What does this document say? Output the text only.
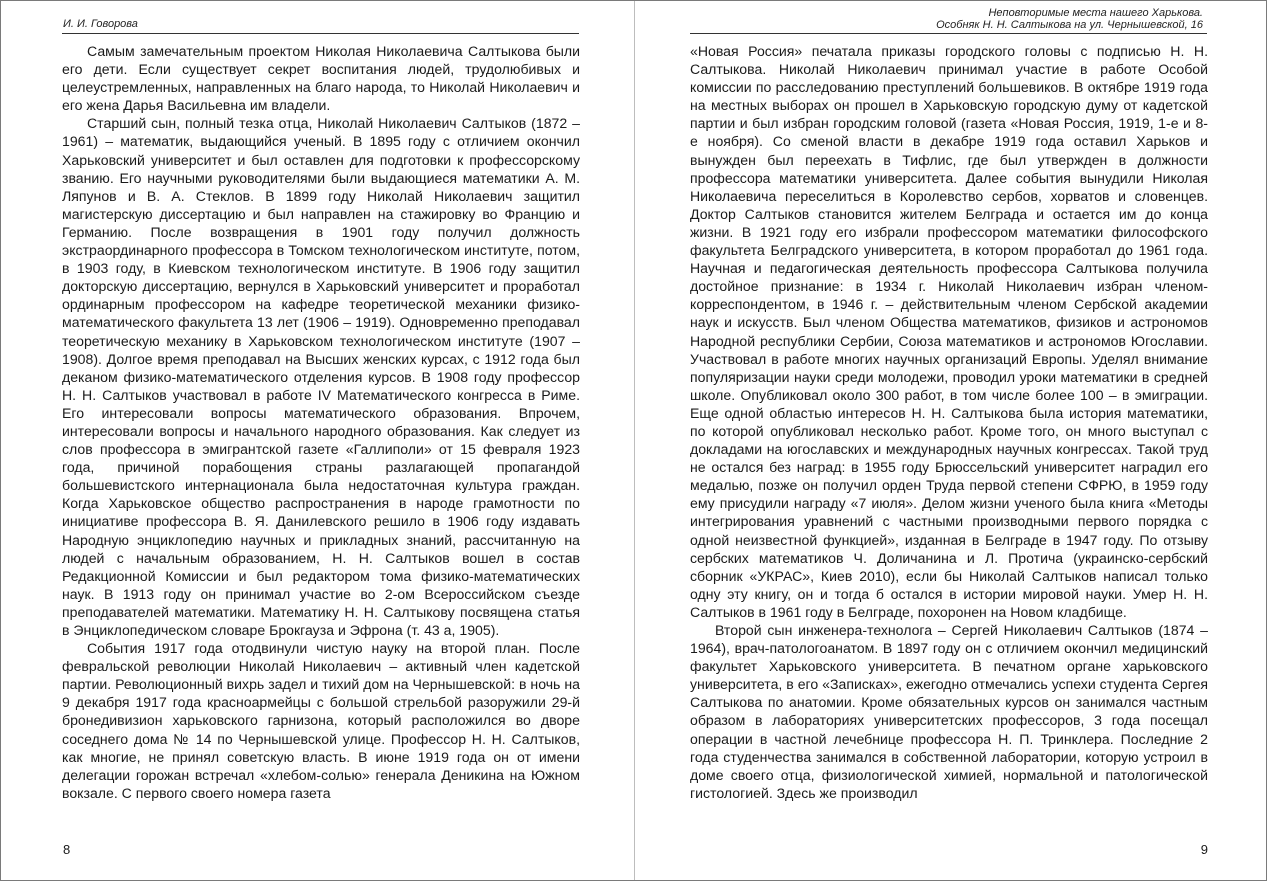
И. И. Говорова

Самым замечательным проектом Николая Николаевича Салтыкова были его дети. Если существует секрет воспитания людей, трудолюбивых и целеустремленных, направленных на благо народа, то Николай Николаевич и его жена Дарья Васильевна им владели.

Старший сын, полный тезка отца, Николай Николаевич Салтыков (1872 – 1961) – математик, выдающийся ученый. В 1895 году с отличием окончил Харьковский университет и был оставлен для подготовки к профессорскому званию. Его научными руководителями были выдающиеся математики А. М. Ляпунов и В. А. Стеклов. В 1899 году Николай Николаевич защитил магистерскую диссертацию и был направлен на стажировку во Францию и Германию. После возвращения в 1901 году получил должность экстраординарного профессора в Томском технологическом институте, потом, в 1903 году, в Киевском технологическом институте. В 1906 году защитил докторскую диссертацию, вернулся в Харьковский университет и проработал ординарным профессором на кафедре теоретической механики физико-математического факультета 13 лет (1906 – 1919). Одновременно преподавал теоретическую механику в Харьковском технологическом институте (1907 – 1908). Долгое время преподавал на Высших женских курсах, с 1912 года был деканом физико-математического отделения курсов. В 1908 году профессор Н. Н. Салтыков участвовал в работе IV Математического конгресса в Риме. Его интересовали вопросы математического образования. Впрочем, интересовали вопросы и начального народного образования. Как следует из слов профессора в эмигрантской газете «Галлиполи» от 15 февраля 1923 года, причиной порабощения страны разлагающей пропагандой большевистского интернационала была недостаточная культура граждан. Когда Харьковское общество распространения в народе грамотности по инициативе профессора В. Я. Данилевского решило в 1906 году издавать Народную энциклопедию научных и прикладных знаний, рассчитанную на людей с начальным образованием, Н. Н. Салтыков вошел в состав Редакционной Комиссии и был редактором тома физико-математических наук. В 1913 году он принимал участие во 2-ом Всероссийском съезде преподавателей математики. Математику Н. Н. Салтыкову посвящена статья в Энциклопедическом словаре Брокгауза и Эфрона (т. 43 а, 1905).

События 1917 года отодвинули чистую науку на второй план. После февральской революции Николай Николаевич – активный член кадетской партии. Революционный вихрь задел и тихий дом на Чернышевской: в ночь на 9 декабря 1917 года красноармейцы с большой стрельбой разоружили 29-й бронедивизион харьковского гарнизона, который расположился во дворе соседнего дома № 14 по Чернышевской улице. Профессор Н. Н. Салтыков, как многие, не принял советскую власть. В июне 1919 года он от имени делегации горожан встречал «хлебом-солью» генерала Деникина на Южном вокзале. С первого своего номера газета

8
Неповторимые места нашего Харькова.
Особняк Н. Н. Салтыкова на ул. Чернышевской, 16

«Новая Россия» печатала приказы городского головы с подписью Н. Н. Салтыкова. Николай Николаевич принимал участие в работе Особой комиссии по расследованию преступлений большевиков. В октябре 1919 года на местных выборах он прошел в Харьковскую городскую думу от кадетской партии и был избран городским головой (газета «Новая Россия, 1919, 1-е и 8-е ноября). Со сменой власти в декабре 1919 года оставил Харьков и вынужден был переехать в Тифлис, где был утвержден в должности профессора математики университета. Далее события вынудили Николая Николаевича переселиться в Королевство сербов, хорватов и словенцев. Доктор Салтыков становится жителем Белграда и остается им до конца жизни. В 1921 году его избрали профессором математики философского факультета Белградского университета, в котором проработал до 1961 года. Научная и педагогическая деятельность профессора Салтыкова получила достойное признание: в 1934 г. Николай Николаевич избран членом-корреспондентом, в 1946 г. – действительным членом Сербской академии наук и искусств. Был членом Общества математиков, физиков и астрономов Народной республики Сербии, Союза математиков и астрономов Югославии. Участвовал в работе многих научных организаций Европы. Уделял внимание популяризации науки среди молодежи, проводил уроки математики в средней школе. Опубликовал около 300 работ, в том числе более 100 – в эмиграции. Еще одной областью интересов Н. Н. Салтыкова была история математики, по которой опубликовал несколько работ. Кроме того, он много выступал с докладами на югославских и международных научных конгрессах. Такой труд не остался без наград: в 1955 году Брюссельский университет наградил его медалью, позже он получил орден Труда первой степени СФРЮ, в 1959 году ему присудили награду «7 июля». Делом жизни ученого была книга «Методы интегрирования уравнений с частными производными первого порядка с одной неизвестной функцией», изданная в Белграде в 1947 году. По отзыву сербских математиков Ч. Доличанина и Л. Протича (украинско-сербский сборник «УКРАС», Киев 2010), если бы Николай Салтыков написал только одну эту книгу, он и тогда б остался в истории мировой науки. Умер Н. Н. Салтыков в 1961 году в Белграде, похоронен на Новом кладбище.

Второй сын инженера-технолога – Сергей Николаевич Салтыков (1874 – 1964), врач-патологоанатом. В 1897 году он с отличием окончил медицинский факультет Харьковского университета. В печатном органе харьковского университета, в его «Записках», ежегодно отмечались успехи студента Сергея Салтыкова по анатомии. Кроме обязательных курсов он занимался частным образом в лабораториях университетских профессоров, 3 года посещал операции в частной лечебнице профессора Н. П. Тринклера. Последние 2 года студенчества занимался в собственной лаборатории, которую устроил в доме своего отца, физиологической химией, нормальной и патологической гистологией. Здесь же производил

9
